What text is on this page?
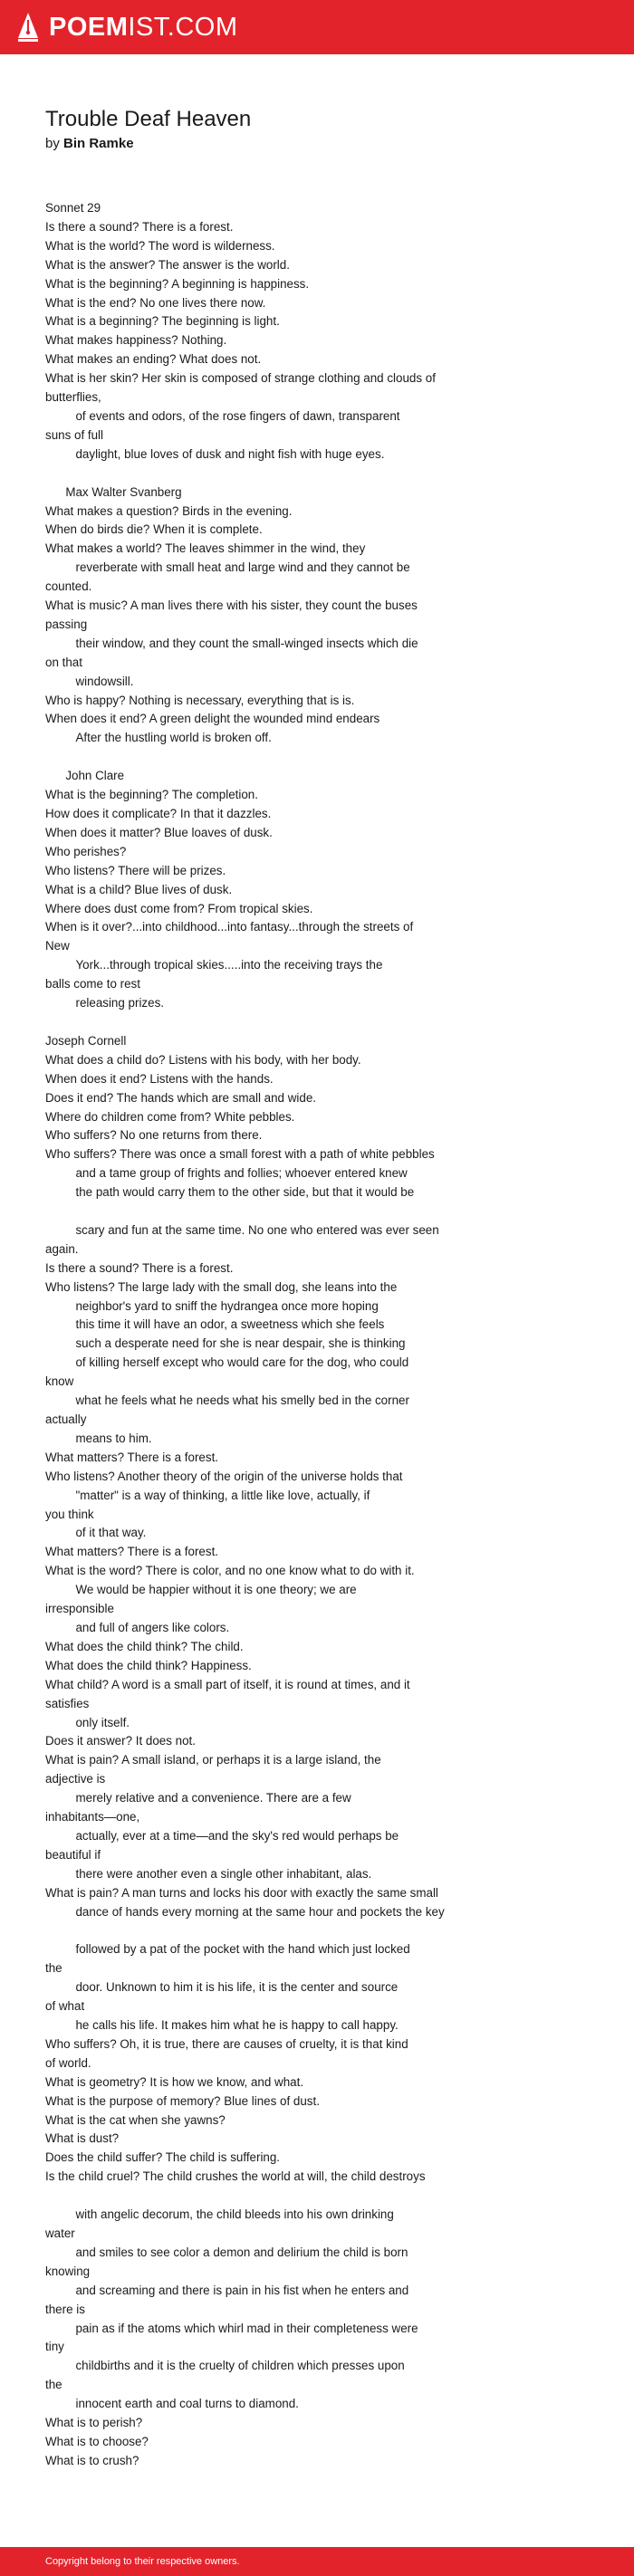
POEMIST.COM
Trouble Deaf Heaven
by Bin Ramke
Sonnet 29
Is there a sound? There is a forest.
What is the world? The word is wilderness.
What is the answer? The answer is the world.
What is the beginning? A beginning is happiness.
What is the end? No one lives there now.
What is a beginning? The beginning is light.
What makes happiness? Nothing.
What makes an ending? What does not.
What is her skin? Her skin is composed of strange clothing and clouds of
butterflies,
of events and odors, of the rose fingers of dawn, transparent
suns of full
daylight, blue loves of dusk and night fish with huge eyes.

Max Walter Svanberg
What makes a question? Birds in the evening.
When do birds die? When it is complete.
What makes a world? The leaves shimmer in the wind, they
reverberate with small heat and large wind and they cannot be
counted.
What is music? A man lives there with his sister, they count the buses
passing
their window, and they count the small-winged insects which die
on that
windowsill.
Who is happy? Nothing is necessary, everything that is is.
When does it end? A green delight the wounded mind endears
After the hustling world is broken off.

John Clare
What is the beginning? The completion.
How does it complicate? In that it dazzles.
When does it matter? Blue loaves of dusk.
Who perishes?
Who listens? There will be prizes.
What is a child? Blue lives of dusk.
Where does dust come from? From tropical skies.
When is it over?...into childhood...into fantasy...through the streets of
New
York...through tropical skies.....into the receiving trays the
balls come to rest
releasing prizes.

Joseph Cornell
What does a child do? Listens with his body, with her body.
When does it end? Listens with the hands.
Does it end? The hands which are small and wide.
Where do children come from? White pebbles.
Who suffers? No one returns from there.
Who suffers? There was once a small forest with a path of white pebbles
and a tame group of frights and follies; whoever entered knew
the path would carry them to the other side, but that it would be

scary and fun at the same time. No one who entered was ever seen
again.
Is there a sound? There is a forest.
Who listens? The large lady with the small dog, she leans into the
neighbor's yard to sniff the hydrangea once more hoping
this time it will have an odor, a sweetness which she feels
such a desperate need for she is near despair, she is thinking
of killing herself except who would care for the dog, who could
know
what he feels what he needs what his smelly bed in the corner
actually
means to him.
What matters? There is a forest.
Who listens? Another theory of the origin of the universe holds that
"matter" is a way of thinking, a little like love, actually, if
you think
of it that way.
What matters? There is a forest.
What is the word? There is color, and no one know what to do with it.
We would be happier without it is one theory; we are
irresponsible
and full of angers like colors.
What does the child think? The child.
What does the child think? Happiness.
What child? A word is a small part of itself, it is round at times, and it
satisfies
only itself.
Does it answer? It does not.
What is pain? A small island, or perhaps it is a large island, the
adjective is
merely relative and a convenience. There are a few
inhabitants—one,
actually, ever at a time—and the sky's red would perhaps be
beautiful if
there were another even a single other inhabitant, alas.
What is pain? A man turns and locks his door with exactly the same small
dance of hands every morning at the same hour and pockets the key

followed by a pat of the pocket with the hand which just locked
the
door. Unknown to him it is his life, it is the center and source
of what
he calls his life. It makes him what he is happy to call happy.
Who suffers? Oh, it is true, there are causes of cruelty, it is that kind
of world.
What is geometry? It is how we know, and what.
What is the purpose of memory? Blue lines of dust.
What is the cat when she yawns?
What is dust?
Does the child suffer? The child is suffering.
Is the child cruel? The child crushes the world at will, the child destroys

with angelic decorum, the child bleeds into his own drinking
water
and smiles to see color a demon and delirium the child is born
knowing
and screaming and there is pain in his fist when he enters and
there is
pain as if the atoms which whirl mad in their completeness were
tiny
childbirths and it is the cruelty of children which presses upon
the
innocent earth and coal turns to diamond.
What is to perish?
What is to choose?
What is to crush?
Copyright belong to their respective owners.
